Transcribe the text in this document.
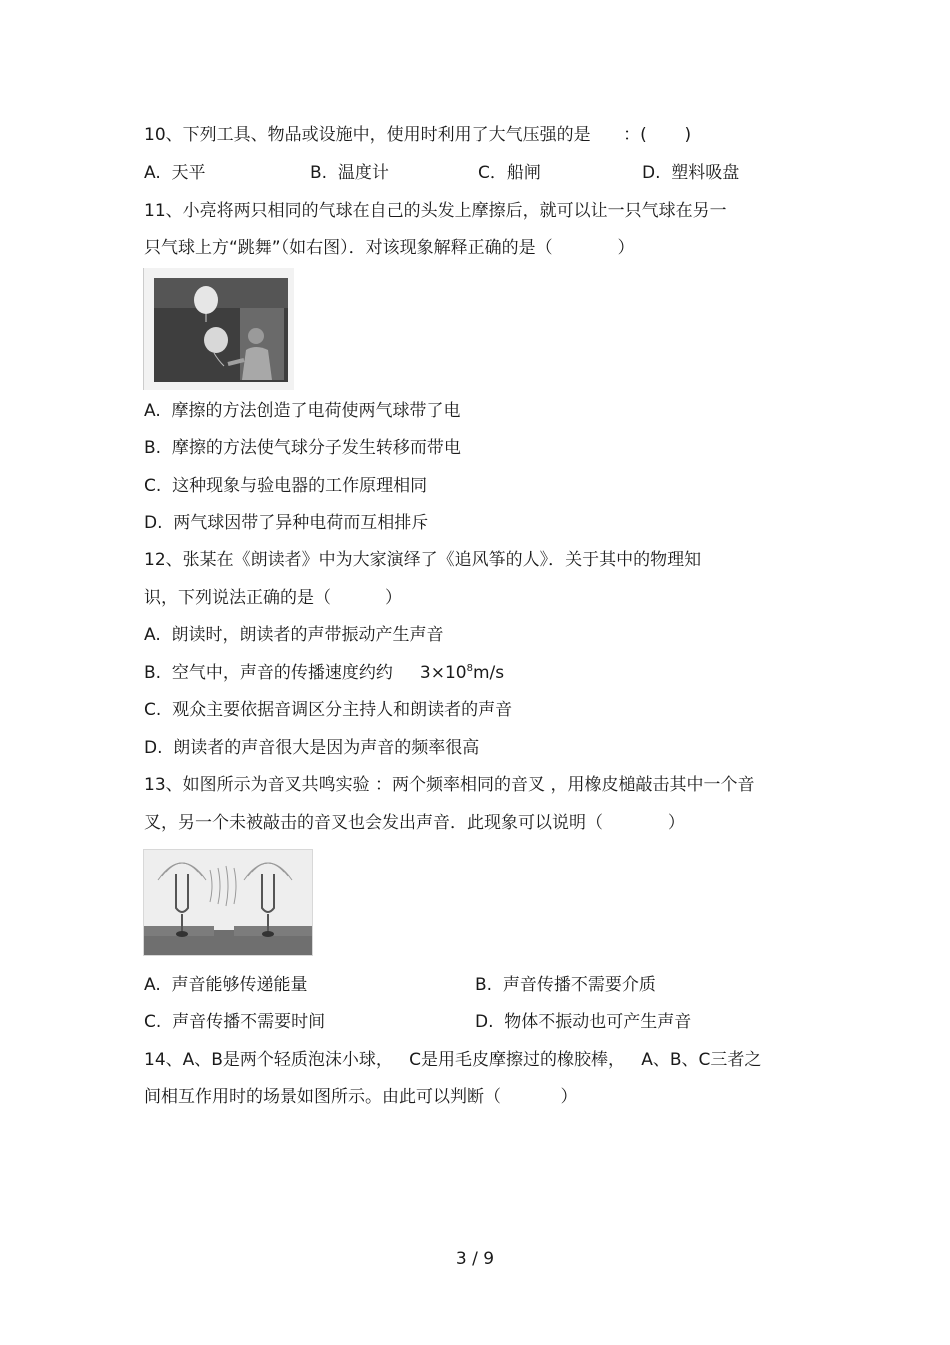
10、下列工具、物品或设施中，使用时利用了大气压强的是 ：(       )
A.  天平	B.  温度计	C．船闸	D.  塑料吸盘
11、小亮将两只相同的气球在自己的头发上摩擦后，就可以让一只气球在另一
只气球上方“跳舞”（如右图）．对该现象解释正确的是（            ）
A.  摩擦的方法创造了电荷使两气球带了电
B.  摩擦的方法使气球分子发生转移而带电
C.  这种现象与验电器的工作原理相同
D.  两气球因带了异种电荷而互相排斥
12、张某在《朗读者》中为大家演绎了《追风筝的人》．关于其中的物理知
识，下列说法正确的是（          ）
A.  朗读时，朗读者的声带振动产生声音
B.  空气中，声音的传播速度约约 $3\times 10^8m/s$
C.  观众主要依据音调区分主持人和朗读者的声音
D.  朗读者的声音很大是因为声音的频率很高
13、如图所示为音叉共鸣实验 ：两个频率相同的音叉 ，用橡皮槌敲击其中一个音
叉，另一个未被敲击的音叉也会发出声音．此现象可以说明（            ）
A.  声音能够传递能量	B.  声音传播不需要介质
C.  声音传播不需要时间	D.  物体不振动也可产生声音
14、A、B是两个轻质泡沫小球，   C是用毛皮摩擦过的橡胶棒，   A、B、C三者之
间相互作用时的场景如图所示。由此可以判断（           ）
3 / 9
